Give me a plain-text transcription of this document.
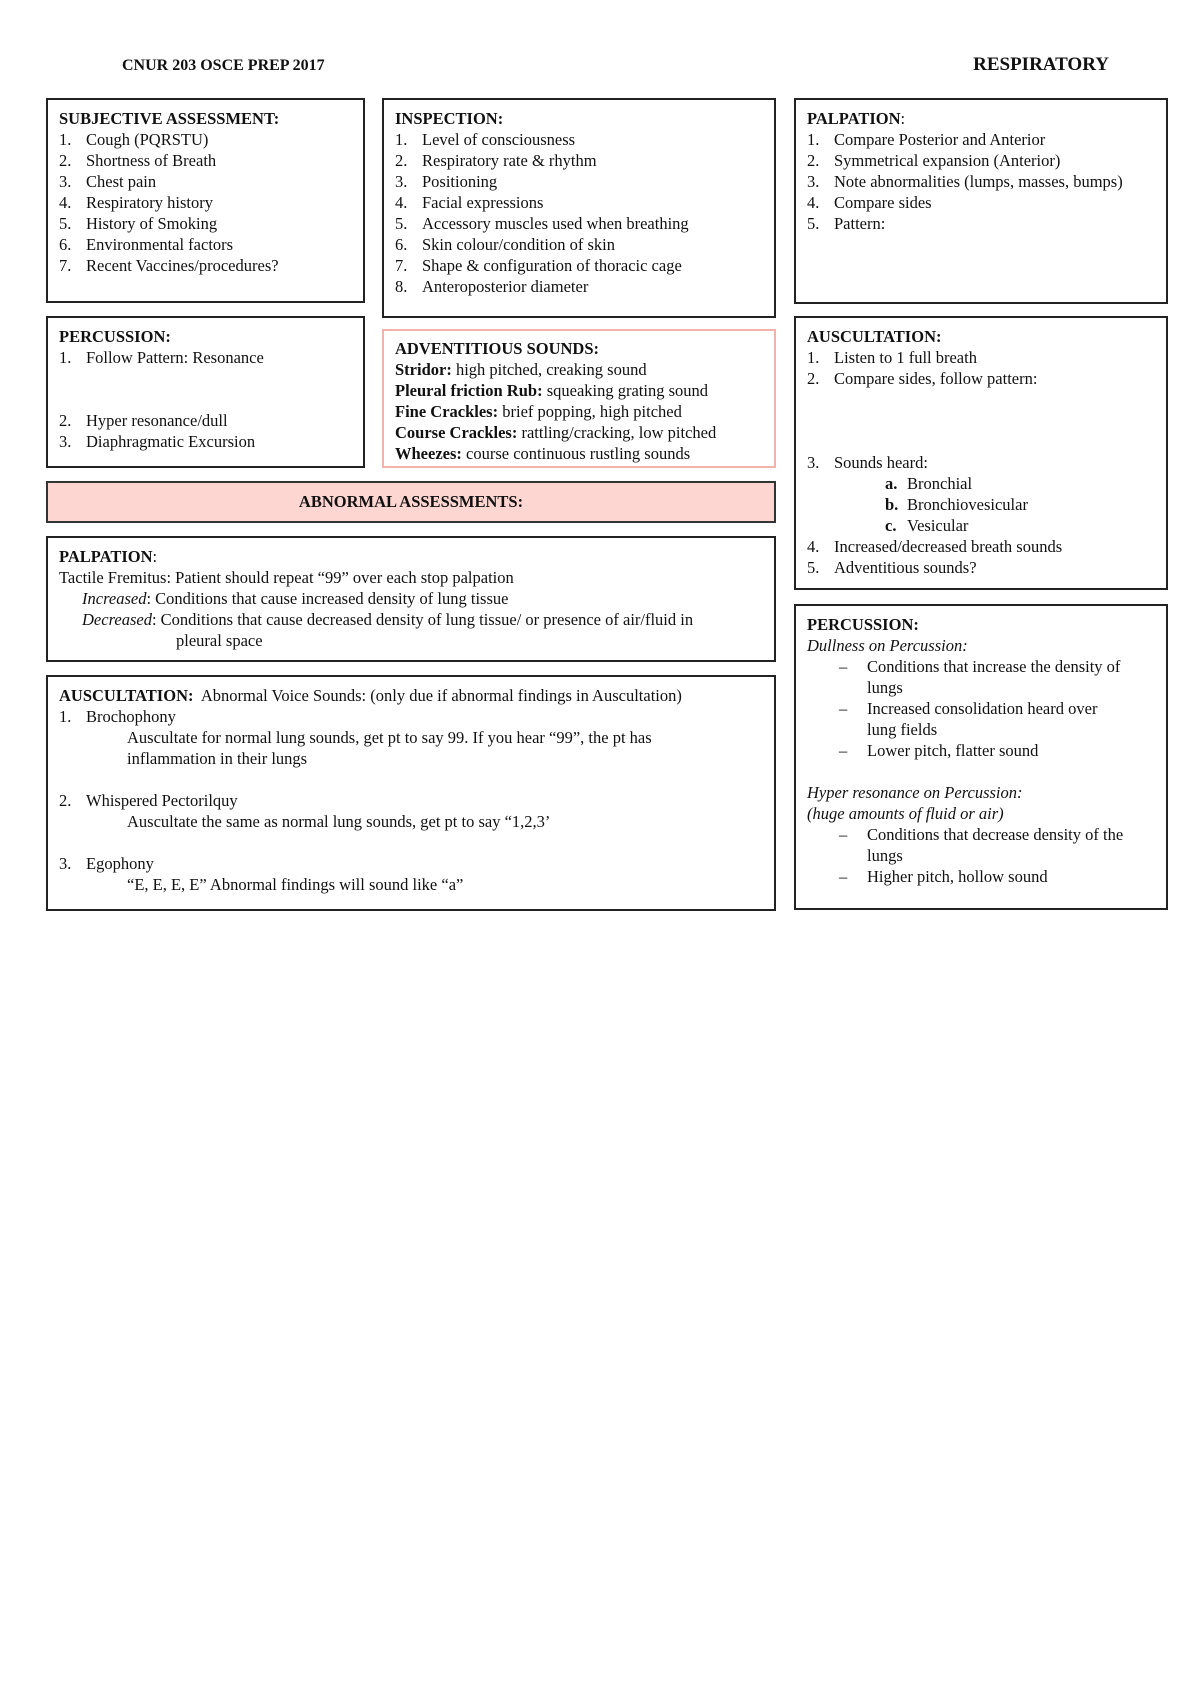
CNUR 203 OSCE PREP 2017	RESPIRATORY
SUBJECTIVE ASSESSMENT:
1. Cough (PQRSTU)
2. Shortness of Breath
3. Chest pain
4. Respiratory history
5. History of Smoking
6. Environmental factors
7. Recent Vaccines/procedures?
INSPECTION:
1. Level of consciousness
2. Respiratory rate & rhythm
3. Positioning
4. Facial expressions
5. Accessory muscles used when breathing
6. Skin colour/condition of skin
7. Shape & configuration of thoracic cage
8. Anteroposterior diameter
PALPATION:
1. Compare Posterior and Anterior
2. Symmetrical expansion (Anterior)
3. Note abnormalities (lumps, masses, bumps)
4. Compare sides
5. Pattern:
PERCUSSION:
1. Follow Pattern: Resonance
2. Hyper resonance/dull
3. Diaphragmatic Excursion
ADVENTITIOUS SOUNDS:
Stridor: high pitched, creaking sound
Pleural friction Rub: squeaking grating sound
Fine Crackles: brief popping, high pitched
Course Crackles: rattling/cracking, low pitched
Wheezes: course continuous rustling sounds
AUSCULTATION:
1. Listen to 1 full breath
2. Compare sides, follow pattern:
3. Sounds heard:
a. Bronchial
b. Bronchiovesicular
c. Vesicular
4. Increased/decreased breath sounds
5. Adventitious sounds?
ABNORMAL ASSESSMENTS:
PALPATION:
Tactile Fremitus: Patient should repeat “99” over each stop palpation
Increased: Conditions that cause increased density of lung tissue
Decreased: Conditions that cause decreased density of lung tissue/ or presence of air/fluid in
pleural space
AUSCULTATION:  Abnormal Voice Sounds: (only due if abnormal findings in Auscultation)
1. Brochophony
Auscultate for normal lung sounds, get pt to say 99. If you hear “99”, the pt has
inflammation in their lungs
2. Whispered Pectorilquy
Auscultate the same as normal lung sounds, get pt to say “1,2,3’
3. Egophony
“E, E, E, E” Abnormal findings will sound like “a”
PERCUSSION:
Dullness on Percussion:
–	Conditions that increase the density of
lungs
–	Increased consolidation heard over
lung fields
–	Lower pitch, flatter sound
Hyper resonance on Percussion:
(huge amounts of fluid or air)
–	Conditions that decrease density of the
lungs
–	Higher pitch, hollow sound
